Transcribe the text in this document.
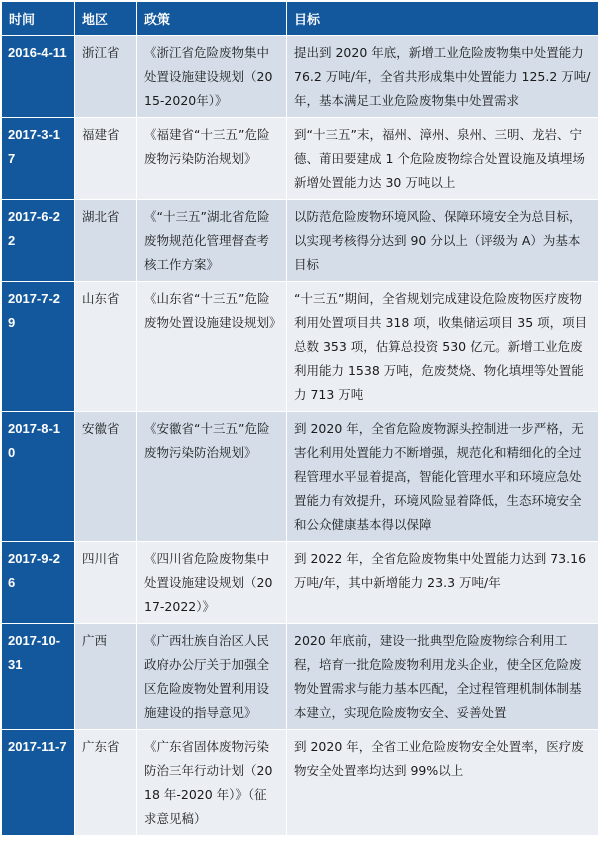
时间	地区	政策	目标
2016-4-11	浙江省	《浙江省危险废物集中处置设施建设规划（2015-2020年）》	提出到 2020 年底，新增工业危险废物集中处置能力 76.2 万吨/年，全省共形成集中处置能力 125.2 万吨/年，基本满足工业危险废物集中处置需求
2017-3-17	福建省	《福建省“十三五”危险废物污染防治规划》	到“十三五”末，福州、漳州、泉州、三明、龙岩、宁德、莆田要建成 1 个危险废物综合处置设施及填埋场新增处置能力达 30 万吨以上
2017-6-22	湖北省	《“十三五”湖北省危险废物规范化管理督查考核工作方案》	以防范危险废物环境风险、保障环境安全为总目标，以实现考核得分达到 90 分以上（评级为 A）为基本目标
2017-7-29	山东省	《山东省“十三五”危险废物处置设施建设规划》	“十三五”期间，全省规划完成建设危险废物医疗废物利用处置项目共 318 项，收集储运项目 35 项，项目总数 353 项，估算总投资 530 亿元。新增工业危废利用能力 1538 万吨，危废焚烧、物化填埋等处置能力 713 万吨
2017-8-10	安徽省	《安徽省“十三五”危险废物污染防治规划》	到 2020 年，全省危险废物源头控制进一步严格，无害化利用处置能力不断增强，规范化和精细化的全过程管理水平显着提高，智能化管理水平和环境应急处置能力有效提升，环境风险显着降低，生态环境安全和公众健康基本得以保障
2017-9-26	四川省	《四川省危险废物集中处置设施建设规划（2017-2022）》	到 2022 年，全省危险废物集中处置能力达到 73.16 万吨/年，其中新增能力 23.3 万吨/年
2017-10-31	广西	《广西壮族自治区人民政府办公厅关于加强全区危险废物处置利用设施建设的指导意见》	2020 年底前，建设一批典型危险废物综合利用工程，培育一批危险废物利用龙头企业，使全区危险废物处置需求与能力基本匹配，全过程管理机制体制基本建立，实现危险废物安全、妥善处置
2017-11-7	广东省	《广东省固体废物污染防治三年行动计划（2018 年-2020 年）》（征求意见稿）	到 2020 年，全省工业危险废物安全处置率，医疗废物安全处置率均达到 99%以上
